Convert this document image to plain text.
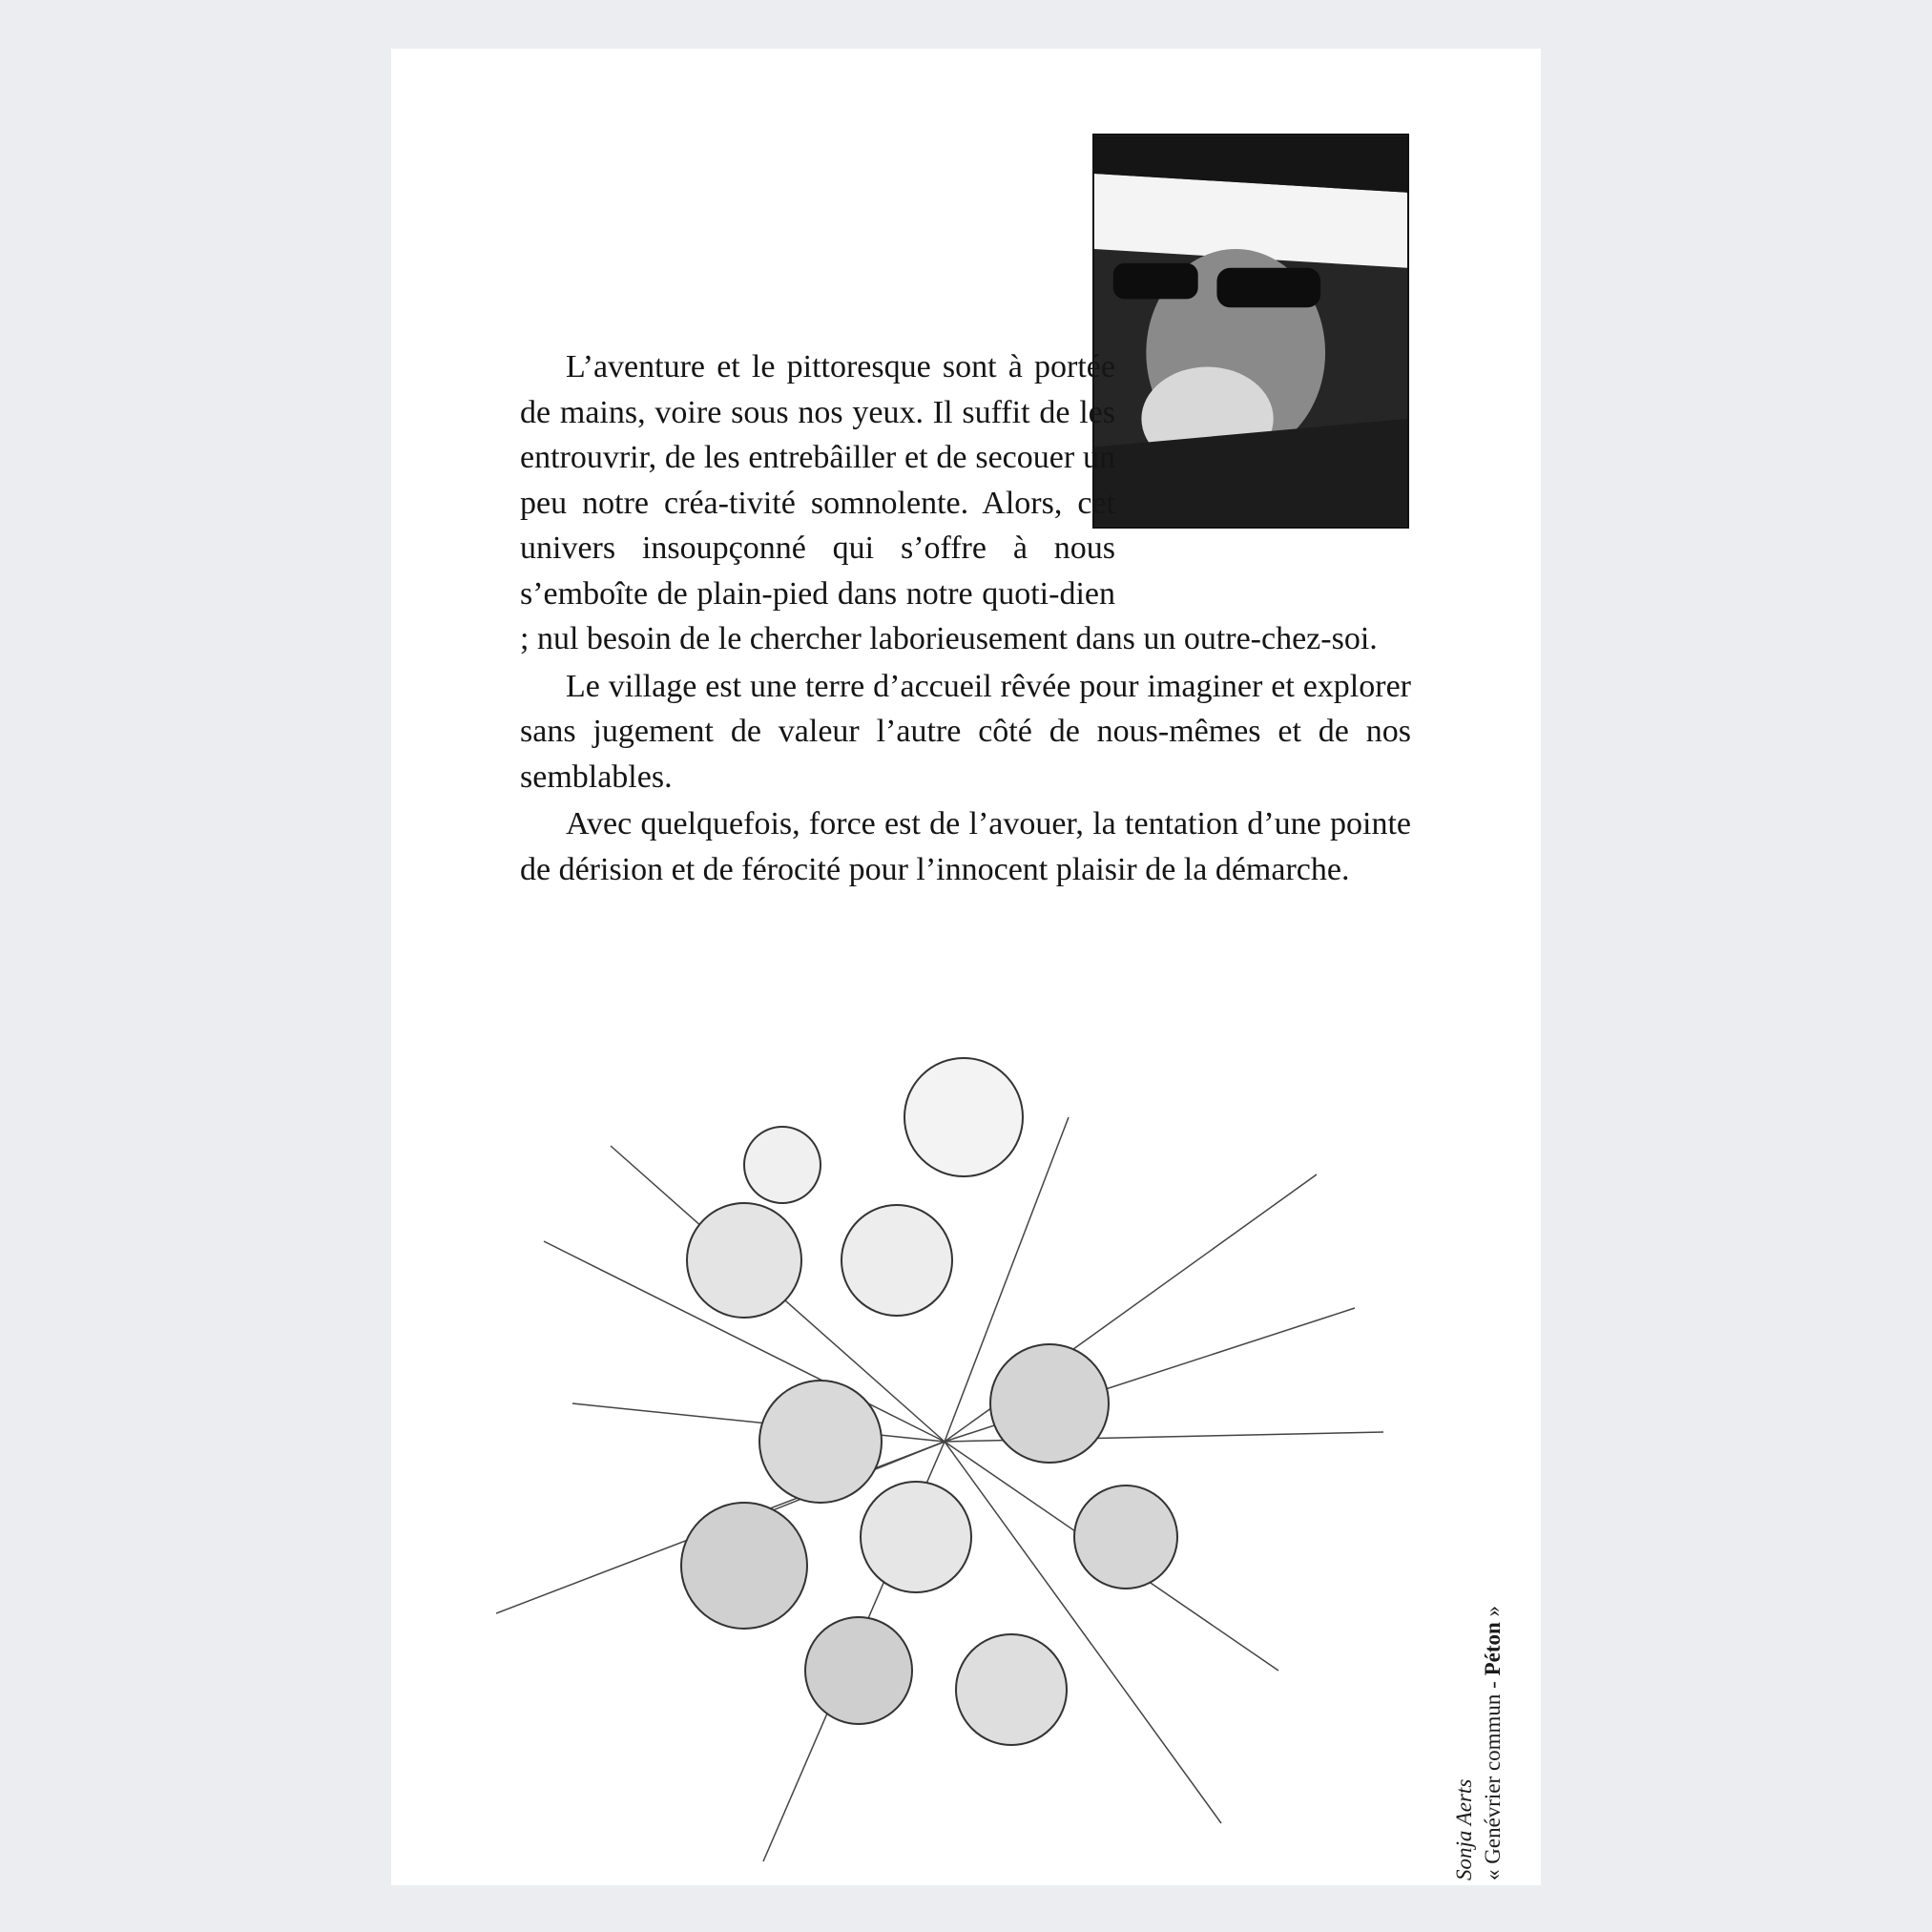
L’aventure et le pittoresque sont à portée de mains, voire sous nos yeux. Il suffit de les entrouvrir, de les entrebâiller et de secouer un peu notre créa-tivité somnolente. Alors, cet univers insoupçonné qui s’offre à nous s’emboîte de plain-pied dans notre quoti-dien ; nul besoin de le chercher laborieusement dans un outre-chez-soi.

Le village est une terre d’accueil rêvée pour imaginer et explorer sans jugement de valeur l’autre côté de nous-mêmes et de nos semblables.

Avec quelquefois, force est de l’avouer, la tentation d’une pointe de dérision et de férocité pour l’innocent plaisir de la démarche.

Sonja Aerts « Genévrier commun - Péton »
